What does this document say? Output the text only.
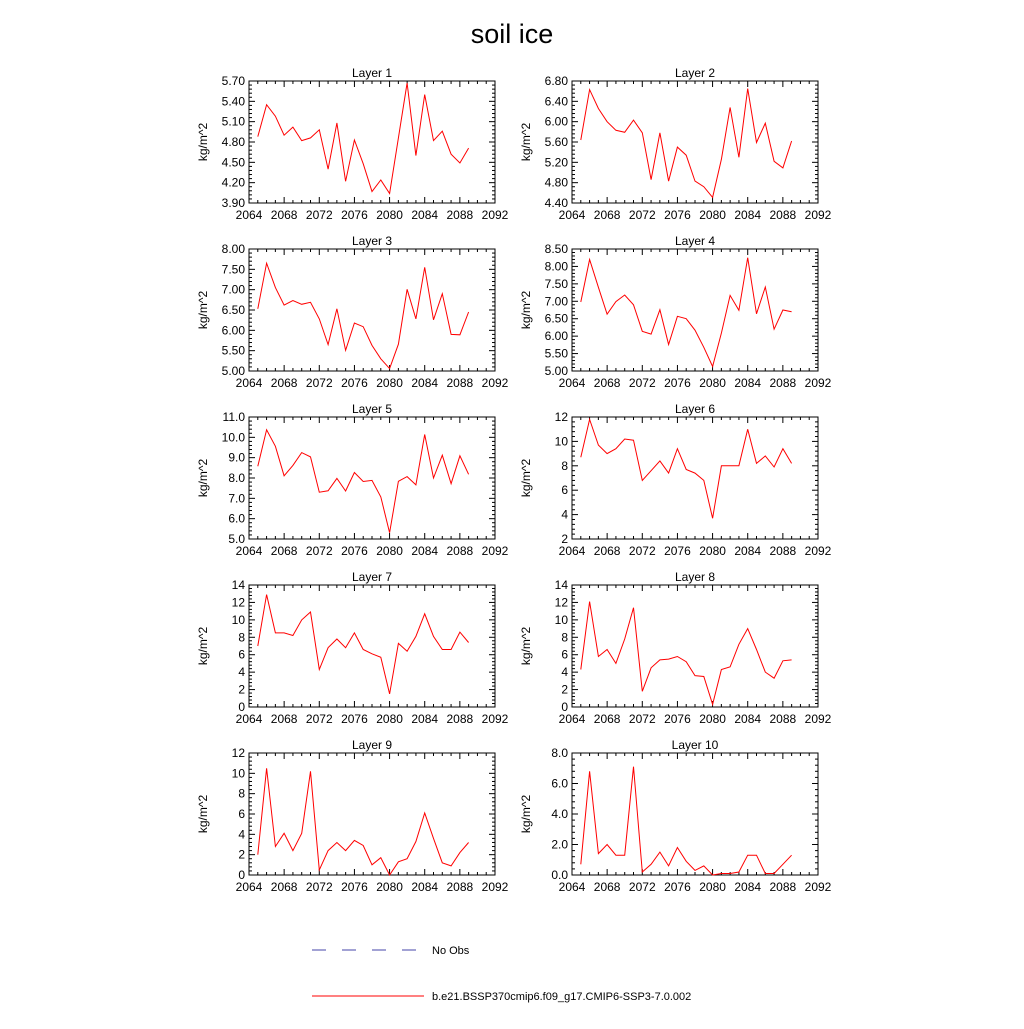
soil ice
Layer 1
2064 2068 2072 2076 2080 2084 2088 2092
3.90
4.20
4.50
4.80
5.10
5.40
5.70
kg/m^2
Layer 2
2064 2068 2072 2076 2080 2084 2088 2092
4.40
4.80
5.20
5.60
6.00
6.40
6.80
kg/m^2
Layer 3
2064 2068 2072 2076 2080 2084 2088 2092
5.00
5.50
6.00
6.50
7.00
7.50
8.00
kg/m^2
Layer 4
2064 2068 2072 2076 2080 2084 2088 2092
5.00
5.50
6.00
6.50
7.00
7.50
8.00
8.50
kg/m^2
Layer 5
2064 2068 2072 2076 2080 2084 2088 2092
5.0
6.0
7.0
8.0
9.0
10.0
11.0
kg/m^2
Layer 6
2064 2068 2072 2076 2080 2084 2088 2092
2
4
6
8
10
12
kg/m^2
Layer 7
2064 2068 2072 2076 2080 2084 2088 2092
0
2
4
6
8
10
12
14
kg/m^2
Layer 8
2064 2068 2072 2076 2080 2084 2088 2092
0
2
4
6
8
10
12
14
kg/m^2
Layer 9
2064 2068 2072 2076 2080 2084 2088 2092
0
2
4
6
8
10
12
kg/m^2
Layer 10
2064 2068 2072 2076 2080 2084 2088 2092
0.0
2.0
4.0
6.0
8.0
kg/m^2
No Obs
b.e21.BSSP370cmip6.f09_g17.CMIP6-SSP3-7.0.002
